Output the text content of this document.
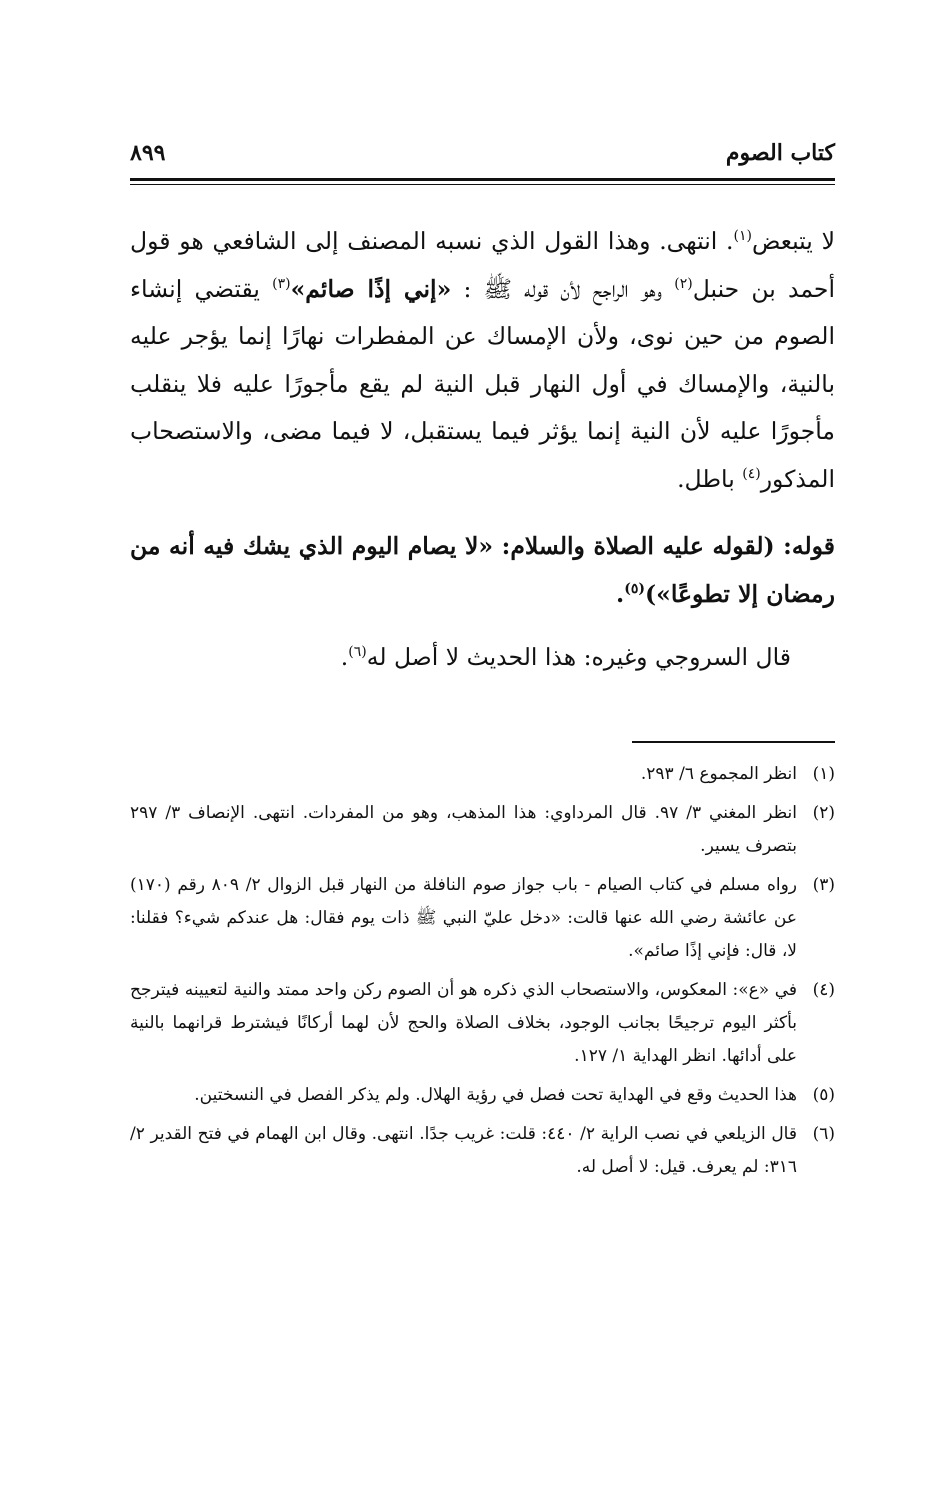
كتاب الصوم
٨٩٩

لا يتبعض$^{(١)}$. انتهى. وهذا القول الذي نسبه المصنف إلى الشافعي هو قول أحمد بن حنبل$^{(٢)}$ وهو الراجح لأن قوله ﷺ : «إني إذًا صائم»$^{(٣)}$ يقتضي إنشاء الصوم من حين نوى، ولأن الإمساك عن المفطرات نهارًا إنما يؤجر عليه بالنية، والإمساك في أول النهار قبل النية لم يقع مأجورًا عليه فلا ينقلب مأجورًا عليه لأن النية إنما يؤثر فيما يستقبل، لا فيما مضى، والاستصحاب المذكور$^{(٤)}$ باطل.

قوله: (لقوله عليه الصلاة والسلام: «لا يصام اليوم الذي يشك فيه أنه من رمضان إلا تطوعًا»)$^{(٥)}$.

قال السروجي وغيره: هذا الحديث لا أصل له$^{(٦)}$.

(١)
انظر المجموع ٦/ ٢٩٣.

(٢)
انظر المغني ٣/ ٩٧. قال المرداوي: هذا المذهب، وهو من المفردات. انتهى. الإنصاف ٣/ ٢٩٧ بتصرف يسير.

(٣)
رواه مسلم في كتاب الصيام - باب جواز صوم النافلة من النهار قبل الزوال ٢/ ٨٠٩ رقم (١٧٠) عن عائشة رضي الله عنها قالت: «دخل عليّ النبي ﷺ ذات يوم فقال: هل عندكم شيء؟ فقلنا: لا، قال: فإني إذًا صائم».

(٤)
في «ع»: المعكوس، والاستصحاب الذي ذكره هو أن الصوم ركن واحد ممتد والنية لتعيينه فيترجح بأكثر اليوم ترجيحًا بجانب الوجود، بخلاف الصلاة والحج لأن لهما أركانًا فيشترط قرانهما بالنية على أدائها. انظر الهداية ١/ ١٢٧.

(٥)
هذا الحديث وقع في الهداية تحت فصل في رؤية الهلال. ولم يذكر الفصل في النسختين.

(٦)
قال الزيلعي في نصب الراية ٢/ ٤٤٠: قلت: غريب جدًا. انتهى. وقال ابن الهمام في فتح القدير ٢/ ٣١٦: لم يعرف. قيل: لا أصل له.
